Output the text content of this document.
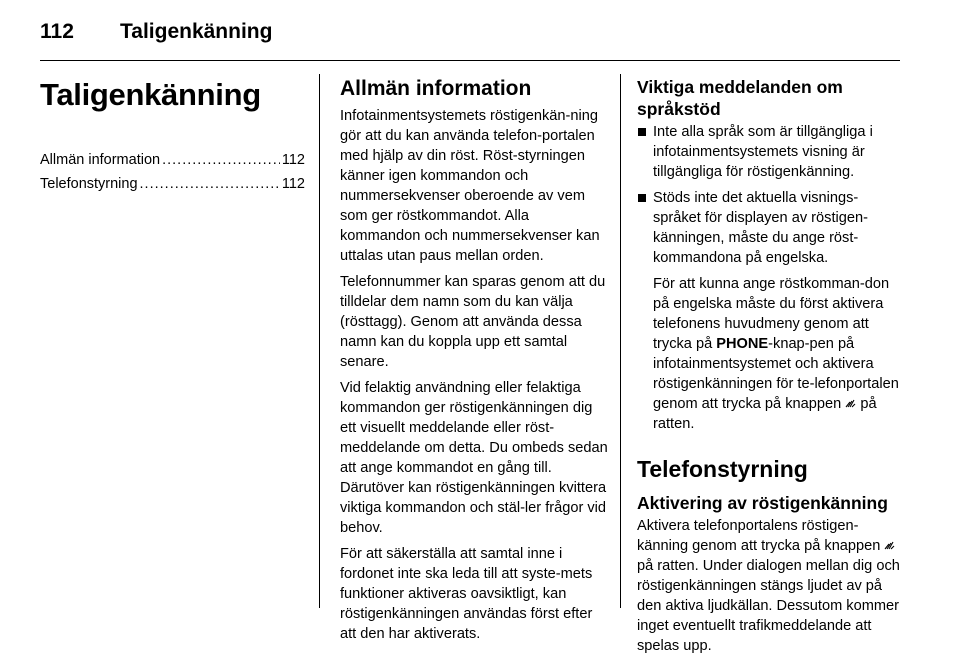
112 Taligenkänning
Taligenkänning
Allmän information .....	112
Telefonstyrning .....	112
Allmän information

Infotainmentsystemets röstigenkän-ning gör att du kan använda telefon-portalen med hjälp av din röst. Röst-styrningen känner igen kommandon och nummersekvenser oberoende av vem som ger röstkommandot. Alla kommandon och nummersekvenser kan uttalas utan paus mellan orden.

Telefonnummer kan sparas genom att du tilldelar dem namn som du kan välja (rösttagg). Genom att använda dessa namn kan du koppla upp ett samtal senare.

Vid felaktig användning eller felaktiga kommandon ger röstigenkänningen dig ett visuellt meddelande eller röst-meddelande om detta. Du ombeds sedan att ange kommandot en gång till. Därutöver kan röstigenkänningen kvittera viktiga kommandon och stäl-ler frågor vid behov.

För att säkerställa att samtal inne i fordonet inte ska leda till att syste-mets funktioner aktiveras oavsiktligt, kan röstigenkänningen användas först efter att den har aktiverats.

Viktiga meddelanden om språkstöd

Inte alla språk som är tillgängliga i infotainmentsystemets visning är tillgängliga för röstigenkänning.

Stöds inte det aktuella visnings-språket för displayen av röstigen-känningen, måste du ange röst-kommandona på engelska.

För att kunna ange röstkomman-don på engelska måste du först aktivera telefonens huvudmeny genom att trycka på PHONE-knap-pen på infotainmentsystemet och aktivera röstigenkänningen för te-lefonportalen genom att trycka på knappen  på ratten.

Telefonstyrning
Aktivering av röstigenkänning

Aktivera telefonportalens röstigen-känning genom att trycka på knappen  på ratten. Under dialogen mellan dig och röstigenkänningen stängs ljudet av på den aktiva ljudkällan. Dessutom kommer inget eventuellt trafikmeddelande att spelas upp.
